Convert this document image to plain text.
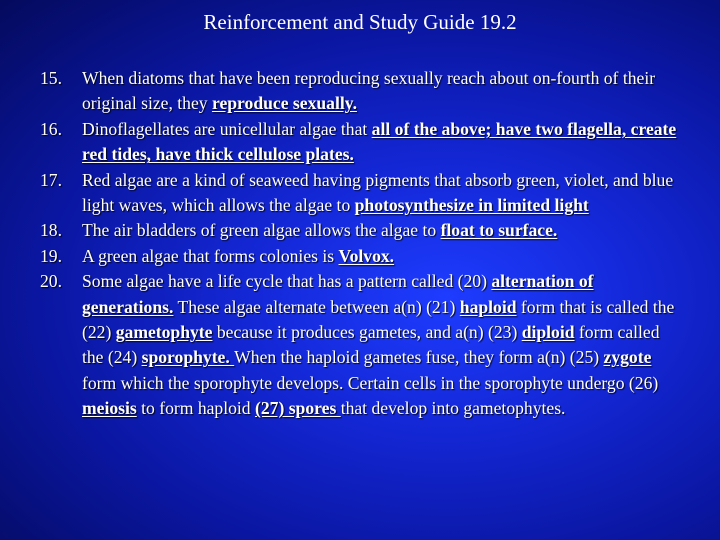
Reinforcement and Study Guide 19.2
15.	When diatoms that have been reproducing sexually reach about on-fourth of their original size, they reproduce sexually.
16.	Dinoflagellates are unicellular algae that all of the above; have two flagella, create red tides, have thick cellulose plates.
17.	Red algae are a kind of seaweed having pigments that absorb green, violet, and blue light waves, which allows the algae to photosynthesize in limited light
18.	The air bladders of green algae allows the algae to float to surface.
19.	A green algae that forms colonies is Volvox.
20.	Some algae have a life cycle that has a pattern called (20) alternation of generations. These algae alternate between a(n) (21) haploid form that is called the (22) gametophyte because it produces gametes, and a(n) (23) diploid form called the (24) sporophyte. When the haploid gametes fuse, they form a(n) (25) zygote form which the sporophyte develops. Certain cells in the sporophyte undergo (26) meiosis to form haploid (27) spores that develop into gametophytes.
